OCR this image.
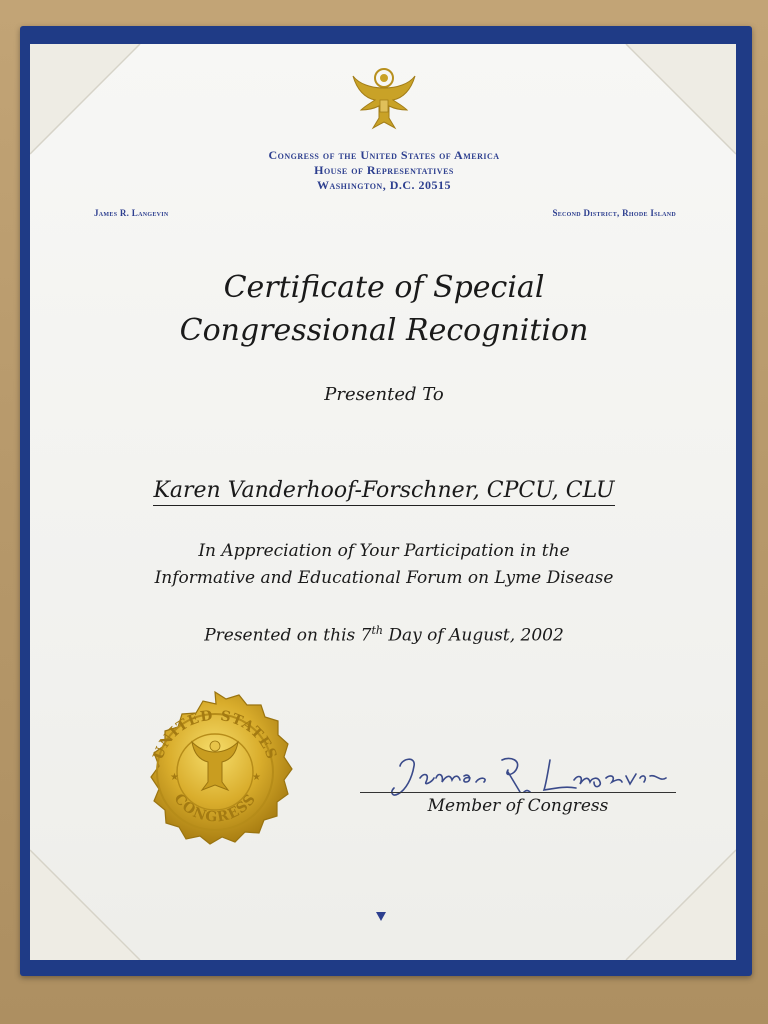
Congress of the United States of America
House of Representatives
Washington, D.C. 20515
James R. Langevin	Second District, Rhode Island
Certificate of Special
Congressional Recognition
Presented To
Karen Vanderhoof-Forschner, CPCU, CLU
In Appreciation of Your Participation in the
Informative and Educational Forum on Lyme Disease
Presented on this 7th Day of August, 2002
UNITED STATES
CONGRESS
★	★
Member of Congress
